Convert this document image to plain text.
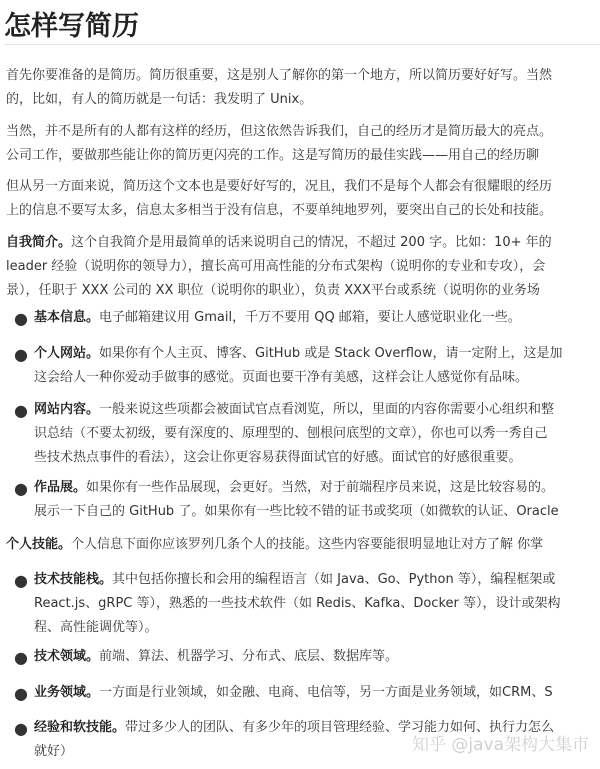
怎样写简历

首先你要准备的是简历。简历很重要，这是别人了解你的第一个地方，所以简历要好好写。当然
的，比如，有人的简历就是一句话：我发明了 Unix。

当然，并不是所有的人都有这样的经历，但这依然告诉我们，自己的经历才是简历最大的亮点。
公司工作，要做那些能让你的简历更闪亮的工作。这是写简历的最佳实践——用自己的经历聊

但从另一方面来说，简历这个文本也是要好好写的，况且，我们不是每个人都会有很耀眼的经历
上的信息不要写太多，信息太多相当于没有信息，不要单纯地罗列，要突出自己的长处和技能。

自我简介。这个自我简介是用最简单的话来说明自己的情况，不超过 200 字。比如：10+ 年的
leader 经验（说明你的领导力），擅长高可用高性能的分布式架构（说明你的专业和专攻），会
景），任职于 XXX 公司的 XX 职位（说明你的职业），负责 XXX平台或系统（说明你的业务场

● 基本信息。电子邮箱建议用 Gmail，千万不要用 QQ 邮箱，要让人感觉职业化一些。

● 个人网站。如果你有个人主页、博客、GitHub 或是 Stack Overflow，请一定附上，这是加
这会给人一种你爱动手做事的感觉。页面也要干净有美感，这样会让人感觉你有品味。

● 网站内容。一般来说这些项都会被面试官点看浏览，所以，里面的内容你需要小心组织和整
识总结（不要太初级，要有深度的、原理型的、刨根问底型的文章），你也可以秀一秀自己
些技术热点事件的看法），这会让你更容易获得面试官的好感。面试官的好感很重要。

● 作品展。如果你有一些作品展现，会更好。当然，对于前端程序员来说，这是比较容易的。
展示一下自己的 GitHub 了。如果你有一些比较不错的证书或奖项（如微软的认证、Oracle

个人技能。个人信息下面你应该罗列几条个人的技能。这些内容要能很明显地让对方了解 你掌

● 技术技能栈。其中包括你擅长和会用的编程语言（如 Java、Go、Python 等），编程框架或
React.js、gRPC 等），熟悉的一些技术软件（如 Redis、Kafka、Docker 等），设计或架构
程、高性能调优等）。

● 技术领域。前端、算法、机器学习、分布式、底层、数据库等。

● 业务领域。一方面是行业领域，如金融、电商、电信等，另一方面是业务领域，如CRM、S

● 经验和软技能。带过多少人的团队、有多少年的项目管理经验、学习能力如何、执行力怎么
就好）	知乎 @java架构大集市
